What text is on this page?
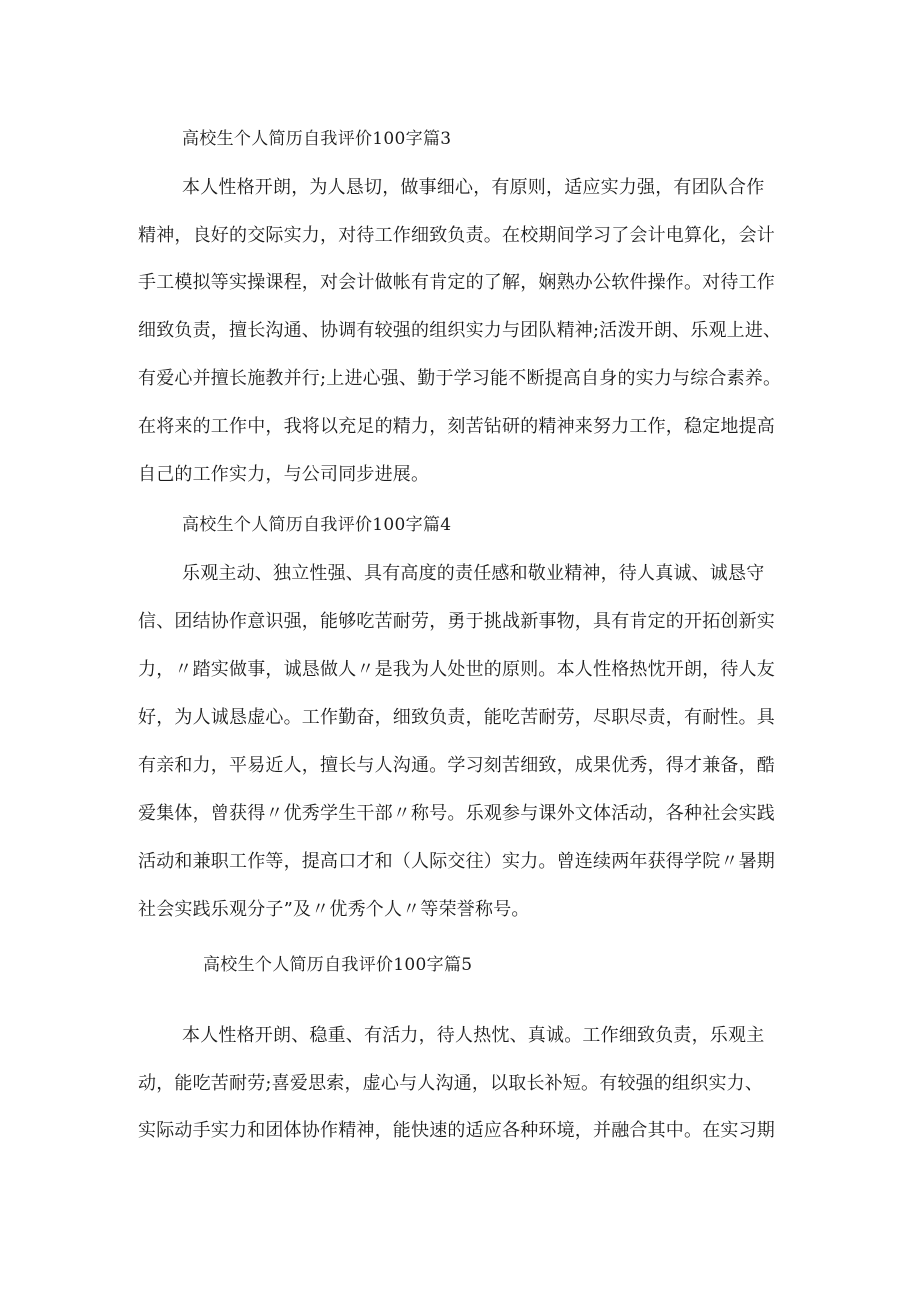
高校生个人简历自我评价100字篇3
本人性格开朗，为人恳切，做事细心，有原则，适应实力强，有团队合作
精神，良好的交际实力，对待工作细致负责。在校期间学习了会计电算化，会计
手工模拟等实操课程，对会计做帐有肯定的了解，娴熟办公软件操作。对待工作
细致负责，擅长沟通、协调有较强的组织实力与团队精神;活泼开朗、乐观上进、
有爱心并擅长施教并行;上进心强、勤于学习能不断提高自身的实力与综合素养。
在将来的工作中，我将以充足的精力，刻苦钻研的精神来努力工作，稳定地提高
自己的工作实力，与公司同步进展。
高校生个人简历自我评价100字篇4
乐观主动、独立性强、具有高度的责任感和敬业精神，待人真诚、诚恳守
信、团结协作意识强，能够吃苦耐劳，勇于挑战新事物，具有肯定的开拓创新实
力，〃踏实做事，诚恳做人〃是我为人处世的原则。本人性格热忱开朗，待人友
好，为人诚恳虚心。工作勤奋，细致负责，能吃苦耐劳，尽职尽责，有耐性。具
有亲和力，平易近人，擅长与人沟通。学习刻苦细致，成果优秀，得才兼备，酷
爱集体，曾获得〃优秀学生干部〃称号。乐观参与课外文体活动，各种社会实践
活动和兼职工作等，提高口才和（人际交往）实力。曾连续两年获得学院〃暑期
社会实践乐观分子”及〃优秀个人〃等荣誉称号。
高校生个人简历自我评价100字篇5
本人性格开朗、稳重、有活力，待人热忱、真诚。工作细致负责，乐观主
动，能吃苦耐劳;喜爱思索，虚心与人沟通，以取长补短。有较强的组织实力、
实际动手实力和团体协作精神，能快速的适应各种环境，并融合其中。在实习期
